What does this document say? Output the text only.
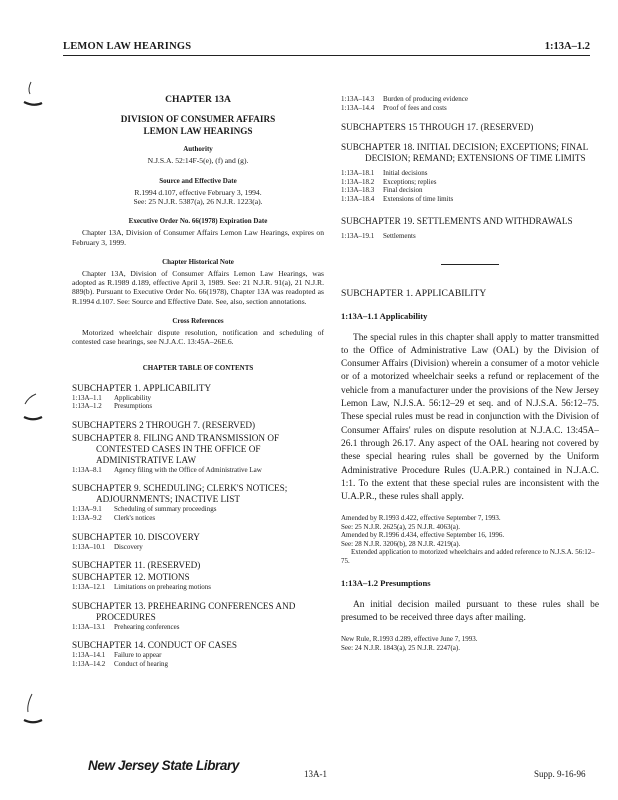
LEMON LAW HEARINGS	1:13A–1.2
CHAPTER 13A
DIVISION OF CONSUMER AFFAIRS
LEMON LAW HEARINGS
Authority
N.J.S.A. 52:14F-5(e), (f) and (g).
Source and Effective Date
R.1994 d.107, effective February 3, 1994.
See: 25 N.J.R. 5387(a), 26 N.J.R. 1223(a).
Executive Order No. 66(1978) Expiration Date
Chapter 13A, Division of Consumer Affairs Lemon Law Hearings, expires on February 3, 1999.
Chapter Historical Note
Chapter 13A, Division of Consumer Affairs Lemon Law Hearings, was adopted as R.1989 d.189, effective April 3, 1989. See: 21 N.J.R. 91(a), 21 N.J.R. 889(b). Pursuant to Executive Order No. 66(1978), Chapter 13A was readopted as R.1994 d.107. See: Source and Effective Date. See, also, section annotations.
Cross References
Motorized wheelchair dispute resolution, notification and scheduling of contested case hearings, see N.J.A.C. 13:45A–26E.6.
CHAPTER TABLE OF CONTENTS
SUBCHAPTER 1. APPLICABILITY
1:13A–1.1	Applicability
1:13A–1.2	Presumptions
SUBCHAPTERS 2 THROUGH 7. (RESERVED)
SUBCHAPTER 8. FILING AND TRANSMISSION OF CONTESTED CASES IN THE OFFICE OF ADMINISTRATIVE LAW
1:13A–8.1	Agency filing with the Office of Administrative Law
SUBCHAPTER 9. SCHEDULING; CLERK'S NOTICES; ADJOURNMENTS; INACTIVE LIST
1:13A–9.1	Scheduling of summary proceedings
1:13A–9.2	Clerk's notices
SUBCHAPTER 10. DISCOVERY
1:13A–10.1	Discovery
SUBCHAPTER 11. (RESERVED)
SUBCHAPTER 12. MOTIONS
1:13A–12.1	Limitations on prehearing motions
SUBCHAPTER 13. PREHEARING CONFERENCES AND PROCEDURES
1:13A–13.1	Prehearing conferences
SUBCHAPTER 14. CONDUCT OF CASES
1:13A–14.1	Failure to appear
1:13A–14.2	Conduct of hearing
1:13A–14.3	Burden of producing evidence
1:13A–14.4	Proof of fees and costs
SUBCHAPTERS 15 THROUGH 17. (RESERVED)
SUBCHAPTER 18. INITIAL DECISION; EXCEPTIONS; FINAL DECISION; REMAND; EXTENSIONS OF TIME LIMITS
1:13A–18.1	Initial decisions
1:13A–18.2	Exceptions; replies
1:13A–18.3	Final decision
1:13A–18.4	Extensions of time limits
SUBCHAPTER 19. SETTLEMENTS AND WITHDRAWALS
1:13A–19.1	Settlements
SUBCHAPTER 1. APPLICABILITY
1:13A–1.1 Applicability
The special rules in this chapter shall apply to matter transmitted to the Office of Administrative Law (OAL) by the Division of Consumer Affairs (Division) wherein a consumer of a motor vehicle or of a motorized wheelchair seeks a refund or replacement of the vehicle from a manufacturer under the provisions of the New Jersey Lemon Law, N.J.S.A. 56:12–29 et seq. and of N.J.S.A. 56:12–75. These special rules must be read in conjunction with the Division of Consumer Affairs' rules on dispute resolution at N.J.A.C. 13:45A–26.1 through 26.17. Any aspect of the OAL hearing not covered by these special hearing rules shall be governed by the Uniform Administrative Procedure Rules (U.A.P.R.) contained in N.J.A.C. 1:1. To the extent that these special rules are inconsistent with the U.A.P.R., these rules shall apply.
Amended by R.1993 d.422, effective September 7, 1993.
See: 25 N.J.R. 2625(a), 25 N.J.R. 4063(a).
Amended by R.1996 d.434, effective September 16, 1996.
See: 28 N.J.R. 3206(b), 28 N.J.R. 4219(a).
Extended application to motorized wheelchairs and added reference to N.J.S.A. 56:12–75.
1:13A–1.2 Presumptions
An initial decision mailed pursuant to these rules shall be presumed to be received three days after mailing.
New Rule, R.1993 d.289, effective June 7, 1993.
See: 24 N.J.R. 1843(a), 25 N.J.R. 2247(a).
New Jersey State Library
13A-1	Supp. 9-16-96
